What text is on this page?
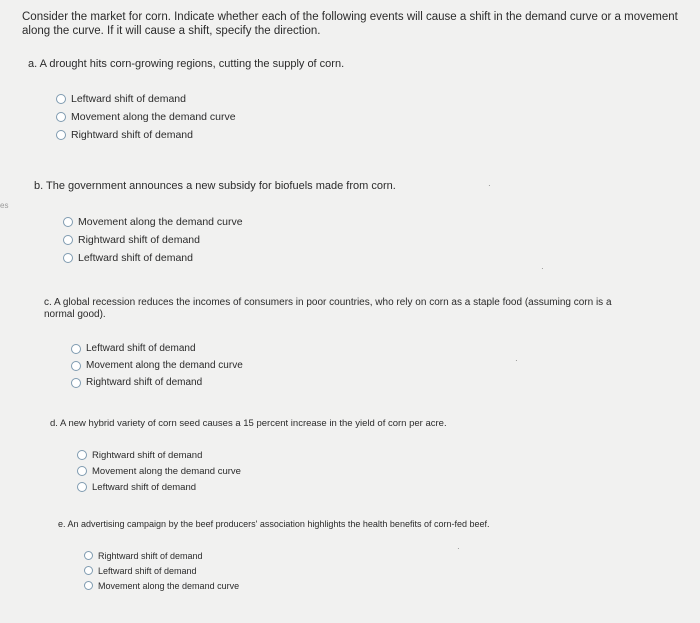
es
Consider the market for corn. Indicate whether each of the following events will cause a shift in the demand curve or a movement along the curve. If it will cause a shift, specify the direction.
a. A drought hits corn-growing regions, cutting the supply of corn.
Leftward shift of demand
Movement along the demand curve
Rightward shift of demand
b. The government announces a new subsidy for biofuels made from corn.
Movement along the demand curve
Rightward shift of demand
Leftward shift of demand
c. A global recession reduces the incomes of consumers in poor countries, who rely on corn as a staple food (assuming corn is a normal good).
Leftward shift of demand
Movement along the demand curve
Rightward shift of demand
d. A new hybrid variety of corn seed causes a 15 percent increase in the yield of corn per acre.
Rightward shift of demand
Movement along the demand curve
Leftward shift of demand
e. An advertising campaign by the beef producers' association highlights the health benefits of corn-fed beef.
Rightward shift of demand
Leftward shift of demand
Movement along the demand curve
·
·
·
·
